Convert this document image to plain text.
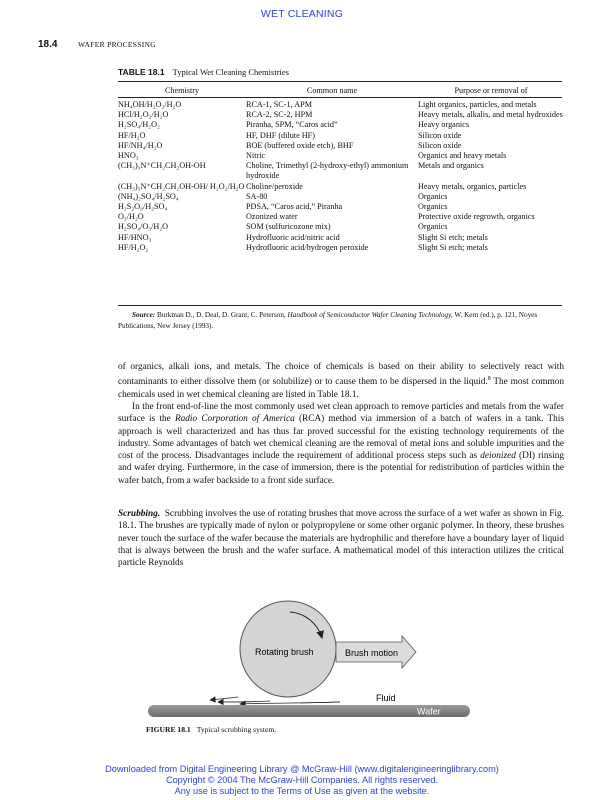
WET CLEANING
18.4	WAFER PROCESSING
TABLE 18.1 Typical Wet Cleaning Chemistries
Chemistry	Common name	Purpose or removal of
NH₄OH/H₂O₂/H₂O	RCA-1, SC-1, APM	Light organics, particles, and metals
HCl/H₂O₂/H₂O	RCA-2, SC-2, HPM	Heavy metals, alkalis, and metal hydroxides
H₂SO₄/H₂O₂	Piranha, SPM, “Caros acid”	Heavy organics
HF/H₂O	HF, DHF (dilute HF)	Silicon oxide
HF/NH₄/H₂O	BOE (buffered oxide etch), BHF	Silicon oxide
HNO₃	Nitric	Organics and heavy metals
(CH₃)₃N⁺CH₂CH₂OH-OH	Choline, Trimethyl (2-hydroxy-ethyl) ammonium hydroxide	Metals and organics
(CH₃)₃N⁺CH₂CH₂OH-OH/ H₂O₂/H₂O	Choline/peroxide	Heavy metals, organics, particles
(NH₄)₂SO₄/H₂SO₄	SA-80	Organics
H₂S₂O₈/H₂SO₄	PDSA, “Caros acid,” Piranha	Organics
O₃/H₂O	Ozonized water	Protective oxide regrowth, organics
H₂SO₄/O₃/H₂O	SOM (sulfuricozone mix)	Organics
HF/HNO₃	Hydrofluoric acid/nitric acid	Slight Si etch; metals
HF/H₂O₂	Hydrofluoric acid/hydrogen peroxide	Slight Si etch; metals
Source: Burkman D., D. Deal, D. Grant, C. Peterson, Handbook of Semiconductor Wafer Cleaning Technology, W. Kern (ed.), p. 121, Noyes Publications, New Jersey (1993).

of organics, alkali ions, and metals. The choice of chemicals is based on their ability to selectively react with contaminants to either dissolve them (or solubilize) or to cause them to be dispersed in the liquid.$^8$ The most common chemicals used in wet chemical cleaning are listed in Table 18.1.

In the front end-of-line the most commonly used wet clean approach to remove particles and metals from the wafer surface is the Radio Corporation of America (RCA) method via immersion of a batch of wafers in a tank. This approach is well characterized and has thus far proved successful for the existing technology requirements of the industry. Some advantages of batch wet chemical cleaning are the removal of metal ions and soluble impurities and the cost of the process. Disadvantages include the requirement of additional process steps such as deionized (DI) rinsing and wafer drying. Furthermore, in the case of immersion, there is the potential for redistribution of particles within the wafer batch, from a wafer backside to a front side surface.

Scrubbing. Scrubbing involves the use of rotating brushes that move across the surface of a wet wafer as shown in Fig. 18.1. The brushes are typically made of nylon or polypropylene or some other organic polymer. In theory, these brushes never touch the surface of the wafer because the materials are hydrophilic and therefore have a boundary layer of liquid that is always between the brush and the wafer surface. A mathematical model of this interaction utilizes the critical particle Reynolds

Rotating brush	Brush motion
Fluid
Wafer
FIGURE 18.1 Typical scrubbing system.
Downloaded from Digital Engineering Library @ McGraw-Hill (www.digitalengineeringlibrary.com)
Copyright © 2004 The McGraw-Hill Companies. All rights reserved.
Any use is subject to the Terms of Use as given at the website.
